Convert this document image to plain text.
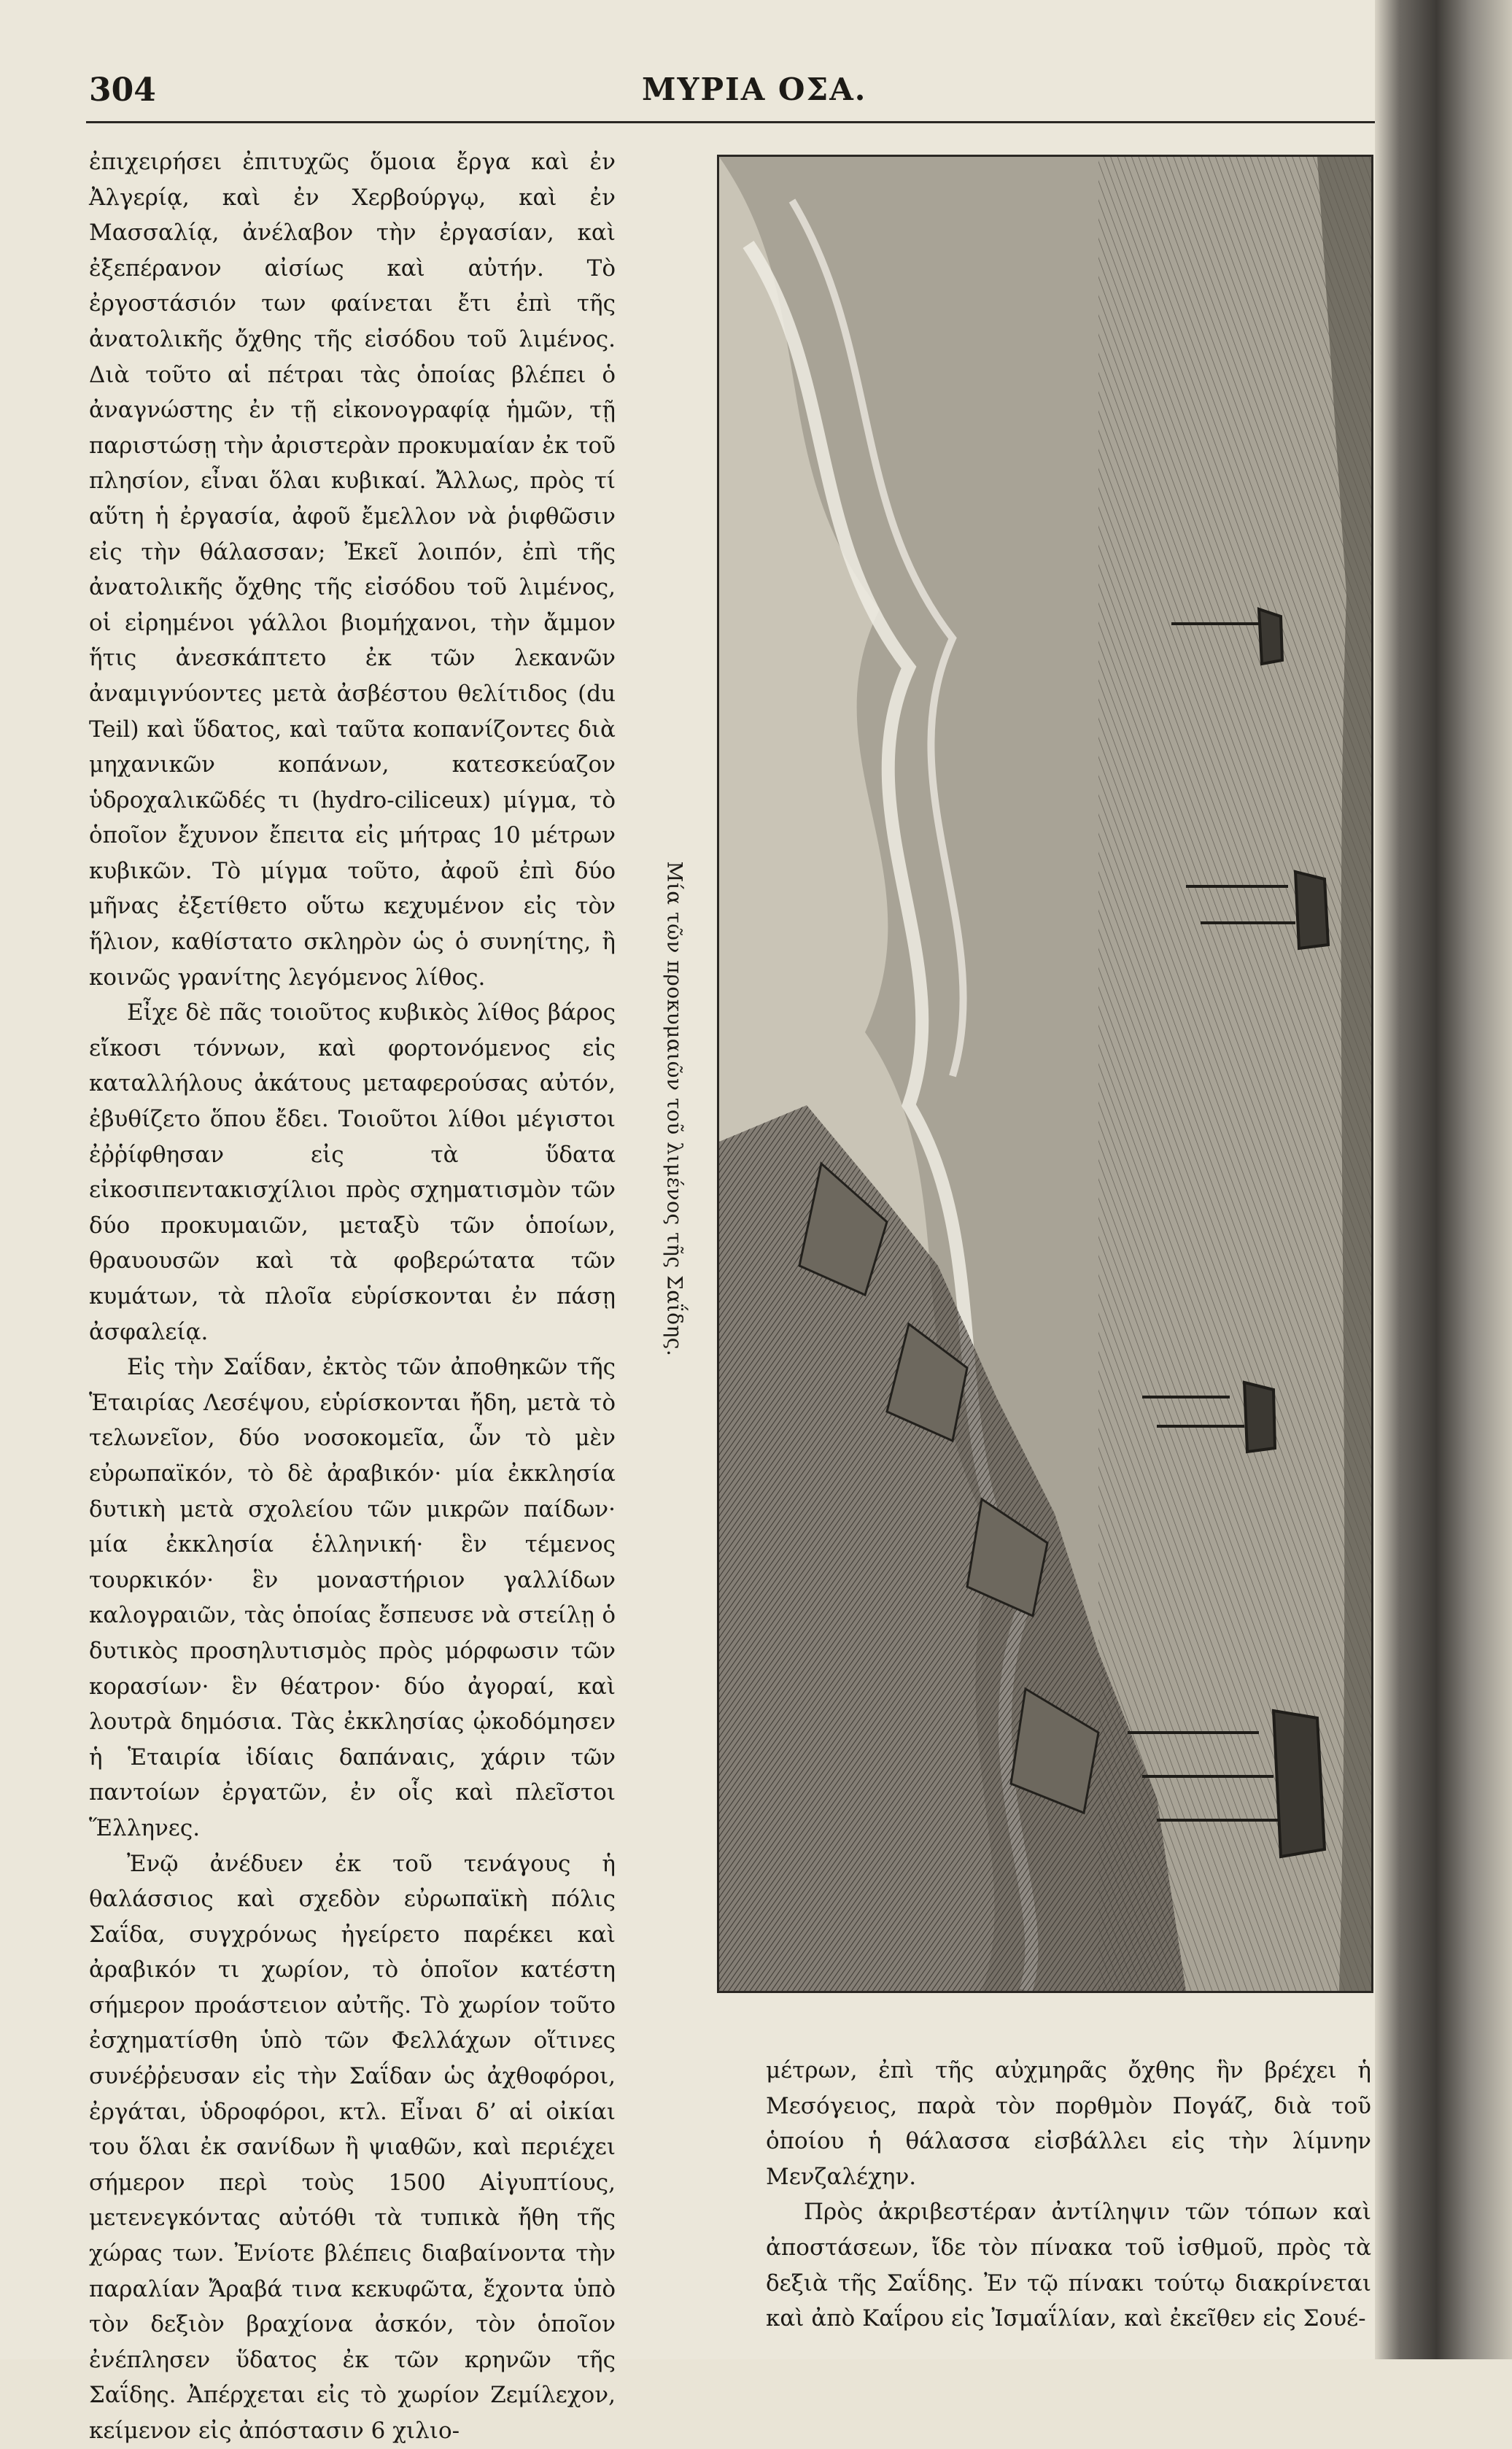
304	ΜΥΡΙΑ ΟΣΑ.

ἐπιχειρήσει ἐπιτυχῶς ὅμοια ἔργα καὶ ἐν Ἀλγερίᾳ, καὶ ἐν Χερβούργῳ, καὶ ἐν Μασσαλίᾳ, ἀνέλαβον τὴν ἐργασίαν, καὶ ἐξεπέρανον αἰσίως καὶ αὐτήν. Τὸ ἐργοστάσιόν των φαίνεται ἔτι ἐπὶ τῆς ἀνατολικῆς ὄχθης τῆς εἰσόδου τοῦ λιμένος. Διὰ τοῦτο αἱ πέτραι τὰς ὁποίας βλέπει ὁ ἀναγνώστης ἐν τῇ εἰκονογραφίᾳ ἡμῶν, τῇ παριστώσῃ τὴν ἀριστερὰν προκυμαίαν ἐκ τοῦ πλησίον, εἶναι ὅλαι κυβικαί. Ἄλλως, πρὸς τί αὕτη ἡ ἐργασία, ἀφοῦ ἔμελλον νὰ ῥιφθῶσιν εἰς τὴν θάλασσαν; Ἐκεῖ λοιπόν, ἐπὶ τῆς ἀνατολικῆς ὄχθης τῆς εἰσόδου τοῦ λιμένος, οἱ εἰρημένοι γάλλοι βιομήχανοι, τὴν ἄμμον ἥτις ἀνεσκάπτετο ἐκ τῶν λεκανῶν ἀναμιγνύοντες μετὰ ἀσβέστου θελίτιδος (du Teil) καὶ ὕδατος, καὶ ταῦτα κοπανίζοντες διὰ μηχανικῶν κοπάνων, κατεσκεύαζον ὑδροχαλικῶδές τι (hydro-ciliceux) μίγμα, τὸ ὁποῖον ἔχυνον ἔπειτα εἰς μήτρας 10 μέτρων κυβικῶν. Τὸ μίγμα τοῦτο, ἀφοῦ ἐπὶ δύο μῆνας ἐξετίθετο οὕτω κεχυμένον εἰς τὸν ἥλιον, καθίστατο σκληρὸν ὡς ὁ συνηίτης, ἢ κοινῶς γρανίτης λεγόμενος λίθος.

Εἶχε δὲ πᾶς τοιοῦτος κυβικὸς λίθος βάρος εἴκοσι τόννων, καὶ φορτονόμενος εἰς καταλλήλους ἀκάτους μεταφερούσας αὐτόν, ἐβυθίζετο ὅπου ἔδει. Τοιοῦτοι λίθοι μέγιστοι ἐῤῥίφθησαν εἰς τὰ ὕδατα εἰκοσιπεντακισχίλιοι πρὸς σχηματισμὸν τῶν δύο προκυμαιῶν, μεταξὺ τῶν ὁποίων, θραυουσῶν καὶ τὰ φοβερώτατα τῶν κυμάτων, τὰ πλοῖα εὑρίσκονται ἐν πάσῃ ἀσφαλείᾳ.

Εἰς τὴν Σαΐδαν, ἐκτὸς τῶν ἀποθηκῶν τῆς Ἑταιρίας Λεσέψου, εὑρίσκονται ἤδη, μετὰ τὸ τελωνεῖον, δύο νοσοκομεῖα, ὧν τὸ μὲν εὐρωπαϊκόν, τὸ δὲ ἀραβικόν· μία ἐκκλησία δυτικὴ μετὰ σχολείου τῶν μικρῶν παίδων· μία ἐκκλησία ἑλληνική· ἓν τέμενος τουρκικόν· ἓν μοναστήριον γαλλίδων καλογραιῶν, τὰς ὁποίας ἔσπευσε νὰ στείλῃ ὁ δυτικὸς προσηλυτισμὸς πρὸς μόρφωσιν τῶν κορασίων· ἓν θέατρον· δύο ἀγοραί, καὶ λουτρὰ δημόσια. Τὰς ἐκκλησίας ᾠκοδόμησεν ἡ Ἑταιρία ἰδίαις δαπάναις, χάριν τῶν παντοίων ἐργατῶν, ἐν οἷς καὶ πλεῖστοι Ἕλληνες.

Ἐνῷ ἀνέδυεν ἐκ τοῦ τενάγους ἡ θαλάσσιος καὶ σχεδὸν εὐρωπαϊκὴ πόλις Σαΐδα, συγχρόνως ἠγείρετο παρέκει καὶ ἀραβικόν τι χωρίον, τὸ ὁποῖον κατέστη σήμερον προάστειον αὐτῆς. Τὸ χωρίον τοῦτο ἐσχηματίσθη ὑπὸ τῶν Φελλάχων οἵτινες συνέῤῥευσαν εἰς τὴν Σαΐδαν ὡς ἀχθοφόροι, ἐργάται, ὑδροφόροι, κτλ. Εἶναι δ’ αἱ οἰκίαι του ὅλαι ἐκ σανίδων ἢ ψιαθῶν, καὶ περιέχει σήμερον περὶ τοὺς 1500 Αἰγυπτίους, μετενεγκόντας αὐτόθι τὰ τυπικὰ ἤθη τῆς χώρας των. Ἐνίοτε βλέπεις διαβαίνοντα τὴν παραλίαν Ἄραβά τινα κεκυφῶτα, ἔχοντα ὑπὸ τὸν δεξιὸν βραχίονα ἀσκόν, τὸν ὁποῖον ἐνέπλησεν ὕδατος ἐκ τῶν κρηνῶν τῆς Σαΐδης. Ἀπέρχεται εἰς τὸ χωρίον Ζεμίλεχον, κείμενον εἰς ἀπόστασιν 6 χιλιο-

Μία τῶν προκυμαιῶν τοῦ λιμένος τῆς Σαΐδης.

μέτρων, ἐπὶ τῆς αὐχμηρᾶς ὄχθης ἣν βρέχει ἡ Μεσόγειος, παρὰ τὸν πορθμὸν Πογάζ, διὰ τοῦ ὁποίου ἡ θάλασσα εἰσβάλλει εἰς τὴν λίμνην Μενζαλέχην.

Πρὸς ἀκριβεστέραν ἀντίληψιν τῶν τόπων καὶ ἀποστάσεων, ἴδε τὸν πίνακα τοῦ ἰσθμοῦ, πρὸς τὰ δεξιὰ τῆς Σαΐδης. Ἐν τῷ πίνακι τούτῳ διακρίνεται καὶ ἀπὸ Καΐρου εἰς Ἰσμαΐλίαν, καὶ ἐκεῖθεν εἰς Σουέ-
